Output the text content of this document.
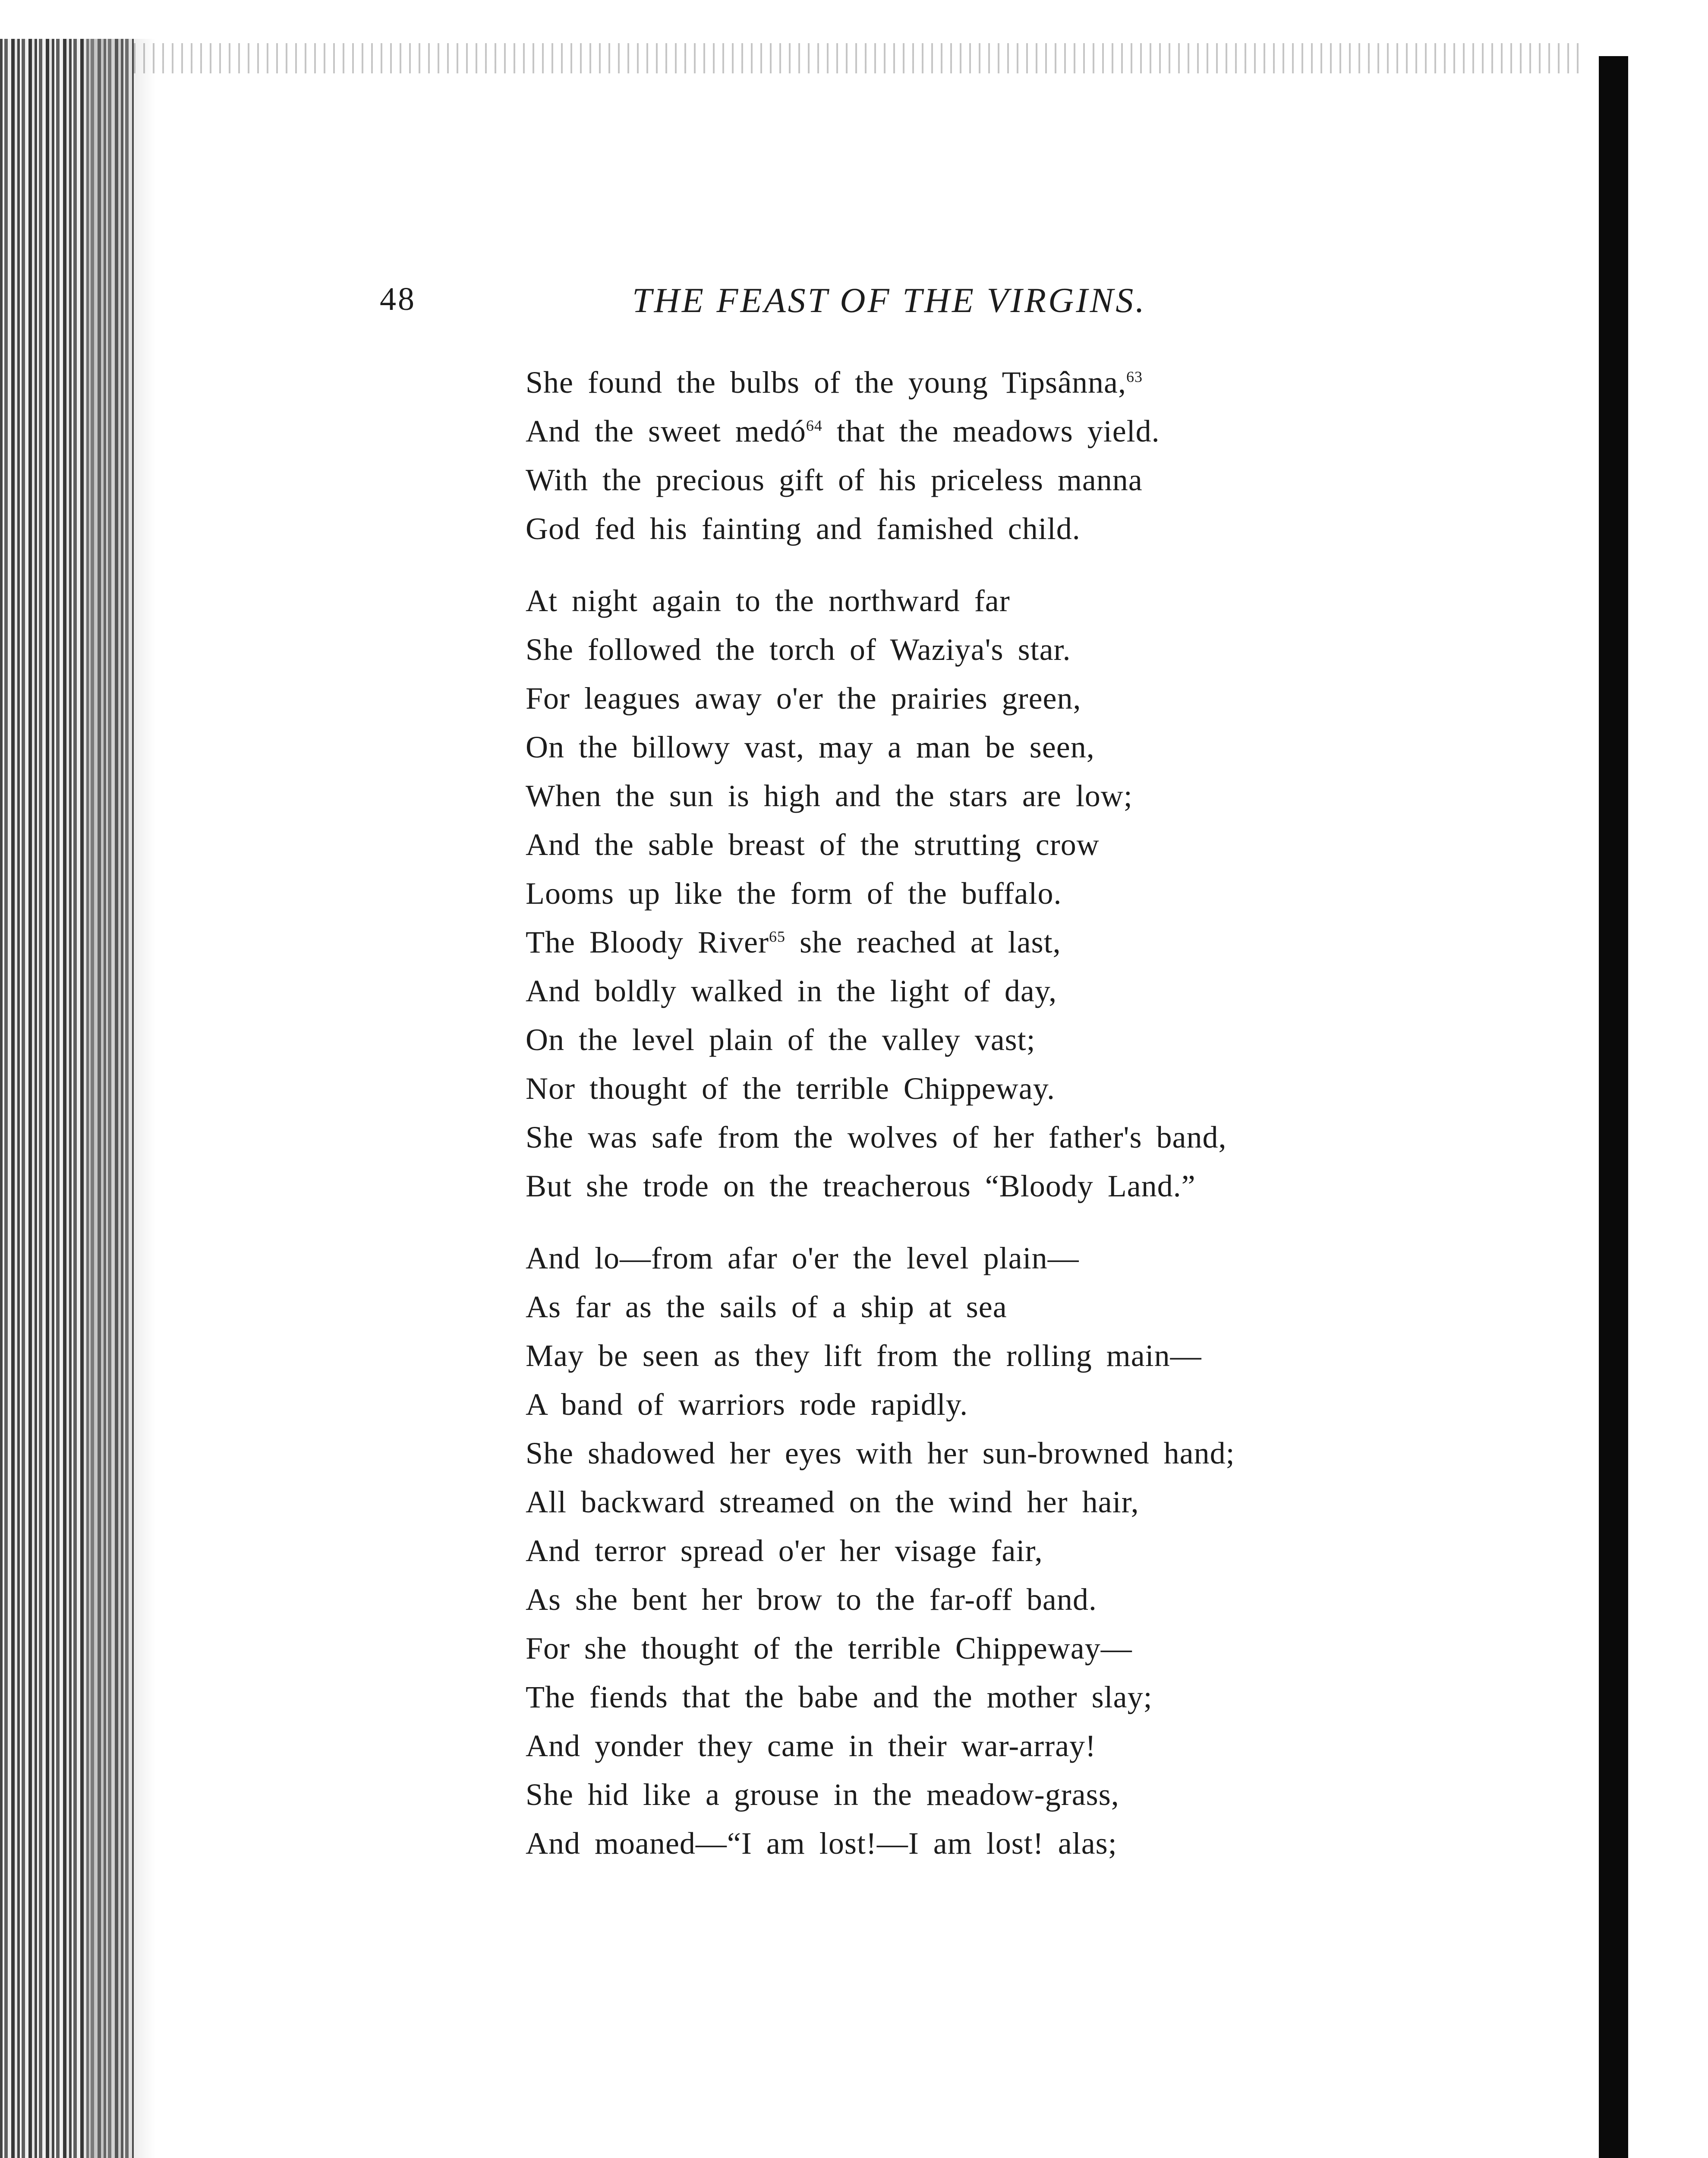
48	THE FEAST OF THE VIRGINS.
She found the bulbs of the young Tipsânna,$^{63}$
And the sweet medó$^{64}$ that the meadows yield.
With the precious gift of his priceless manna
God fed his fainting and famished child.
At night again to the northward far
She followed the torch of Waziya's star.
For leagues away o'er the prairies green,
On the billowy vast, may a man be seen,
When the sun is high and the stars are low;
And the sable breast of the strutting crow
Looms up like the form of the buffalo.
The Bloody River$^{65}$ she reached at last,
And boldly walked in the light of day,
On the level plain of the valley vast;
Nor thought of the terrible Chippeway.
She was safe from the wolves of her father's band,
But she trode on the treacherous “Bloody Land.”
And lo—from afar o'er the level plain—
As far as the sails of a ship at sea
May be seen as they lift from the rolling main—
A band of warriors rode rapidly.
She shadowed her eyes with her sun-browned hand;
All backward streamed on the wind her hair,
And terror spread o'er her visage fair,
As she bent her brow to the far-off band.
For she thought of the terrible Chippeway—
The fiends that the babe and the mother slay;
And yonder they came in their war-array!
She hid like a grouse in the meadow-grass,
And moaned—“I am lost!—I am lost! alas;
